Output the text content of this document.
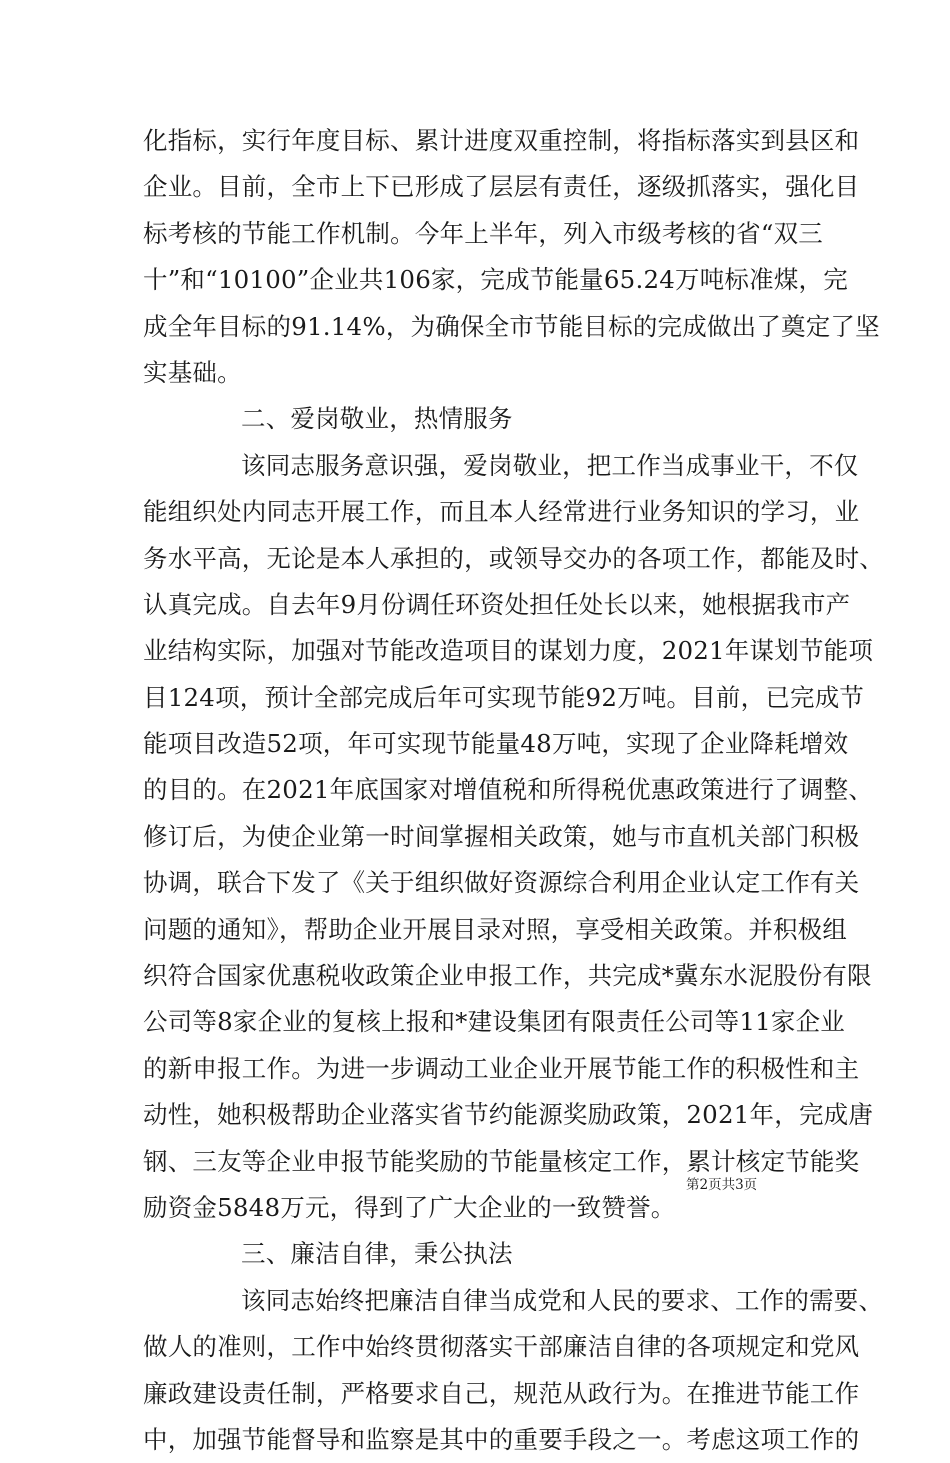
化指标，实行年度目标、累计进度双重控制，将指标落实到县区和
企业。目前，全市上下已形成了层层有责任，逐级抓落实，强化目
标考核的节能工作机制。今年上半年，列入市级考核的省“双三
十”和“10100”企业共106家，完成节能量65.24万吨标准煤，完
成全年目标的91.14%，为确保全市节能目标的完成做出了奠定了坚
实基础。
二、爱岗敬业，热情服务
该同志服务意识强，爱岗敬业，把工作当成事业干，不仅
能组织处内同志开展工作，而且本人经常进行业务知识的学习，业
务水平高，无论是本人承担的，或领导交办的各项工作，都能及时、
认真完成。自去年9月份调任环资处担任处长以来，她根据我市产
业结构实际，加强对节能改造项目的谋划力度，2021年谋划节能项
目124项，预计全部完成后年可实现节能92万吨。目前，已完成节
能项目改造52项，年可实现节能量48万吨，实现了企业降耗增效
的目的。在2021年底国家对增值税和所得税优惠政策进行了调整、
修订后，为使企业第一时间掌握相关政策，她与市直机关部门积极
协调，联合下发了《关于组织做好资源综合利用企业认定工作有关
问题的通知》，帮助企业开展目录对照，享受相关政策。并积极组
织符合国家优惠税收政策企业申报工作，共完成*冀东水泥股份有限
公司等8家企业的复核上报和*建设集团有限责任公司等11家企业
的新申报工作。为进一步调动工业企业开展节能工作的积极性和主
动性，她积极帮助企业落实省节约能源奖励政策，2021年，完成唐
钢、三友等企业申报节能奖励的节能量核定工作，累计核定节能奖
励资金5848万元，得到了广大企业的一致赞誉。
三、廉洁自律，秉公执法
该同志始终把廉洁自律当成党和人民的要求、工作的需要、
做人的准则，工作中始终贯彻落实干部廉洁自律的各项规定和党风
廉政建设责任制，严格要求自己，规范从政行为。在推进节能工作
中，加强节能督导和监察是其中的重要手段之一。考虑这项工作的
第2页共3页
